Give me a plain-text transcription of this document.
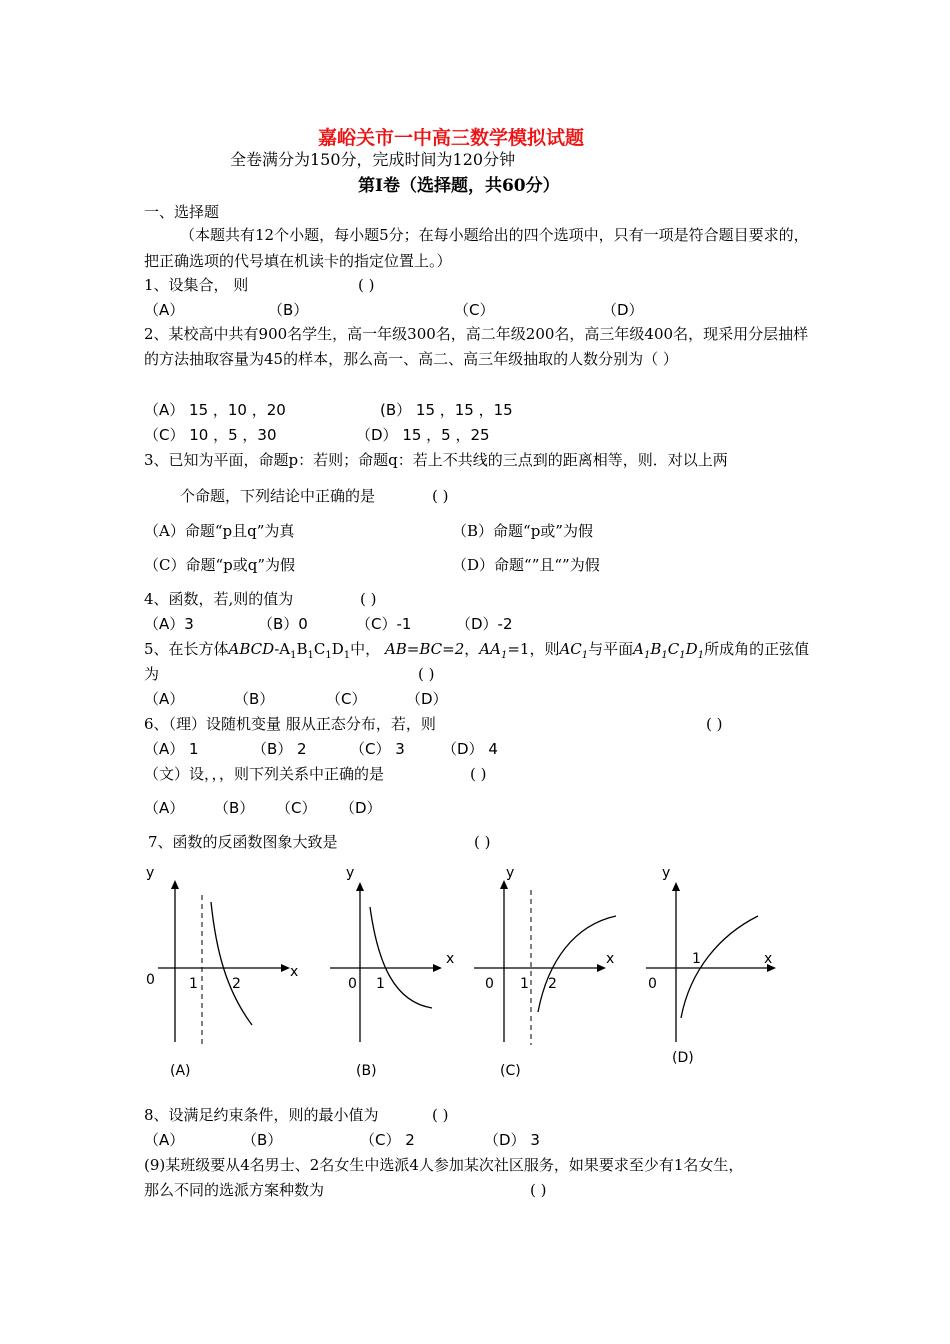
嘉峪关市一中高三数学模拟试题
全卷满分为150分，完成时间为120分钟
第Ⅰ卷（选择题，共60分）
一、选择题
（本题共有12个小题，每小题5分；在每小题给出的四个选项中，只有一项是符合题目要求的，把正确选项的代号填在机读卡的指定位置上。）
1、设集合， 则	( )
（A）	（B）	（C）	（D）
2、某校高中共有900名学生，高一年级300名，高二年级200名，高三年级400名，现采用分层抽样的方法抽取容量为45的样本，那么高一、高二、高三年级抽取的人数分别为（ ）
（A） 15 ，10 ，20	(B） 15 ，15 ，15
（C） 10 ，5 ，30	（D） 15 ，5 ，25
3、已知为平面，命题p：若则；命题q：若上不共线的三点到的距离相等，则．对以上两
个命题，下列结论中正确的是	( )
（A）命题“p且q”为真	（B）命题“p或”为假
（C）命题“p或q”为假	（D）命题“”且“”为假
4、函数，若,则的值为	( )
（A）3	（B）0	（C）-1	（D）-2
5、在长方体ABCD-$A_1B_1C_1D_1$中， AB=BC=2，$AA_1=1$，则$AC_1$与平面$A_1B_1C_1D_1$所成角的正弦值
为	( )
（A）	（B）	（C）	（D）
6、（理）设随机变量 服从正态分布，若，则	( )
（A） 1	（B） 2	（C） 3 （D） 4
（文）设，，，则下列关系中正确的是	( )
（A） （B） （C） （D）
7、函数的反函数图象大致是	( )
y
x
0 1 2
(A)
y
x
0 1
(B)
y
x
0 1 2
(C)
y
x
0
1
(D)
8、设满足约束条件，则的最小值为	( )
（A）	（B）	（C） 2	（D） 3
(9)某班级要从4名男士、2名女生中选派4人参加某次社区服务，如果要求至少有1名女生，
那么不同的选派方案种数为	( )
